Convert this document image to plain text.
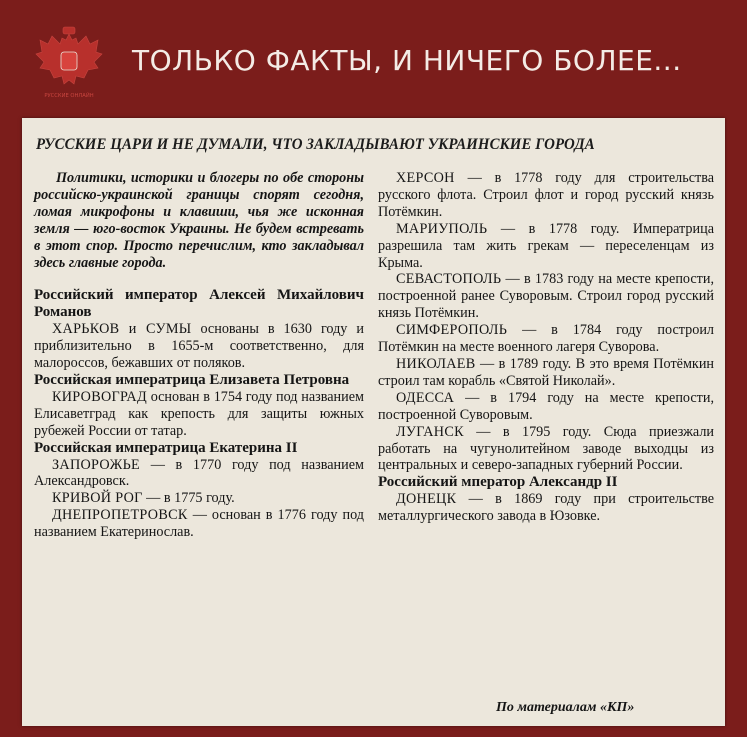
РУССКИЕ ОНЛАЙН
ТОЛЬКО ФАКТЫ, И НИЧЕГО БОЛЕЕ...
РУССКИЕ ЦАРИ И НЕ ДУМАЛИ, ЧТО ЗАКЛАДЫВАЮТ УКРАИНСКИЕ ГОРОДА

Политики, историки и блогеры по обе стороны российско-украинской границы спорят сегодня, ломая микрофоны и клавиши, чья же исконная земля — юго-восток Украины. Не будем встревать в этот спор. Просто перечислим, кто закладывал здесь главные города.

Российский император Алексей Михайлович Романов

ХАРЬКОВ и СУМЫ основаны в 1630 году и приблизительно в 1655-м соответственно, для малороссов, бежавших от поляков.

Российская императрица Елизавета Петровна

КИРОВОГРАД основан в 1754 году под названием Елисаветград как крепость для защиты южных рубежей России от татар.

Российская императрица Екатерина II

ЗАПОРОЖЬЕ — в 1770 году под названием Александровск.

КРИВОЙ РОГ — в 1775 году.

ДНЕПРОПЕТРОВСК — основан в 1776 году под названием Екатеринослав.

ХЕРСОН — в 1778 году для строительства русского флота. Строил флот и город русский князь Потёмкин.

МАРИУПОЛЬ — в 1778 году. Императрица разрешила там жить грекам — переселенцам из Крыма.

СЕВАСТОПОЛЬ — в 1783 году на месте крепости, построенной ранее Суворовым. Строил город русский князь Потёмкин.

СИМФЕРОПОЛЬ — в 1784 году построил Потёмкин на месте военного лагеря Суворова.

НИКОЛАЕВ — в 1789 году. В это время Потёмкин строил там корабль «Святой Николай».

ОДЕССА — в 1794 году на месте крепости, построенной Суворовым.

ЛУГАНСК — в 1795 году. Сюда приезжали работать на чугунолитейном заводе выходцы из центральных и северо-западных губерний России.

Российский мператор Александр II

ДОНЕЦК — в 1869 году при строительстве металлургического завода в Юзовке.

По материалам «КП»
